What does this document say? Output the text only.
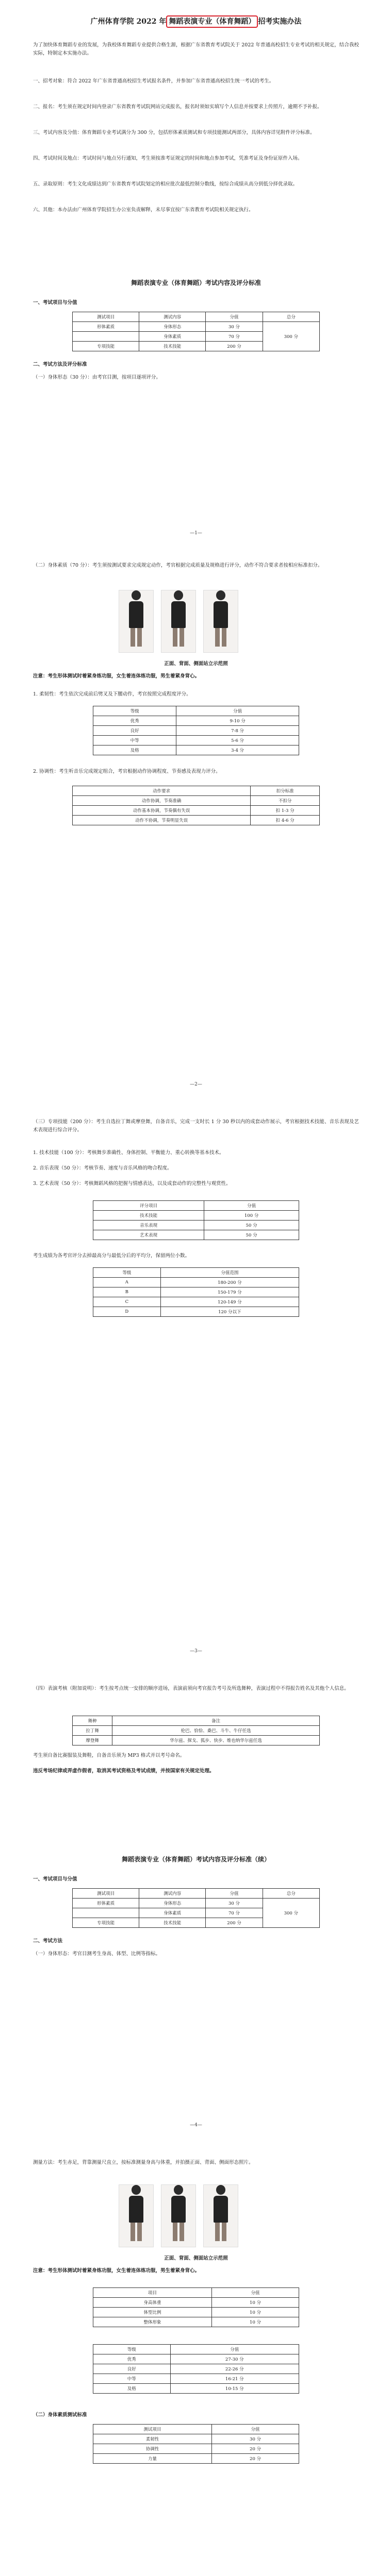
广州体育学院 2022 年 舞蹈表演专业（体育舞蹈） 招考实施办法

为了加快体育舞蹈专业的发展，为我校体育舞蹈专业提供合格生源，根据广东省教育考试院关于 2022 年普通高校招生专业考试的相关规定，结合我校实际，特制定本实施办法。

一、招考对象：符合 2022 年广东省普通高校招生考试报名条件，并参加广东省普通高校招生统一考试的考生。

二、报名：考生须在规定时间内登录广东省教育考试院网站完成报名，报名时须如实填写个人信息并按要求上传照片，逾期不予补报。

三、考试内容及分值：体育舞蹈专业考试满分为 300 分，包括形体素质测试和专项技能测试两部分，具体内容详见附件评分标准。

四、考试时间及地点：考试时间与地点另行通知，考生须按准考证规定的时间和地点参加考试，凭准考证及身份证原件入场。

五、录取原则：考生文化成绩达到广东省教育考试院划定的相应批次最低控制分数线，按综合成绩从高分到低分择优录取。

六、其他：本办法由广州体育学院招生办公室负责解释，未尽事宜按广东省教育考试院相关规定执行。

舞蹈表演专业（体育舞蹈）考试内容及评分标准

一、考试项目与分值

测试项目	测试内容	分值	总分
形体素质	身体形态	30 分	300 分
	身体素质	70 分	
专项技能	技术技能	200 分	

二、考试方法及评分标准

（一）身体形态（30 分）：由考官目测，按项目逐项评分。

—1—

（二）身体素质（70 分）：考生须按测试要求完成规定动作，考官根据完成质量及规格进行评分，动作不符合要求者按相应标准扣分。

正面、背面、侧面站立示范照

注意：考生形体测试时着紧身练功服，女生着连体练功服，男生着紧身背心。

1. 柔韧性：考生依次完成前后劈叉及下腰动作，考官按照完成程度评分。

等级	分值
优秀	9-10 分
良好	7-8 分
中等	5-6 分
及格	3-4 分

2. 协调性：考生听音乐完成规定组合，考官根据动作协调程度、节奏感及表现力评分。

动作要求	扣分标准
动作协调，节奏准确	不扣分
动作基本协调，节奏偶有失误	扣 1-3 分
动作不协调，节奏明显失误	扣 4-6 分
—2—

（三）专项技能（200 分）：考生自选拉丁舞或摩登舞，自备音乐，完成一支时长 1 分 30 秒以内的成套动作展示，考官根据技术技能、音乐表现及艺术表现进行综合评分。

1. 技术技能（100 分）：考核舞步准确性、身体控制、平衡能力、重心转换等基本技术。

2. 音乐表现（50 分）：考核节奏、速度与音乐风格的吻合程度。

3. 艺术表现（50 分）：考核舞蹈风格的把握与情感表达，以及成套动作的完整性与观赏性。

评分项目	分值
技术技能	100 分
音乐表现	50 分
艺术表现	50 分

考生成绩为各考官评分去掉最高分与最低分后的平均分，保留两位小数。

等级	分值范围
A	180-200 分
B	150-179 分
C	120-149 分
D	120 分以下
—3—

（四）表演考核（附加说明）：考生按考点统一安排的顺序进场，表演前须向考官报告考号及所选舞种，表演过程中不得报告姓名及其他个人信息。

舞种	备注
拉丁舞	伦巴、恰恰、桑巴、斗牛、牛仔任选
摩登舞	华尔兹、探戈、狐步、快步、维也纳华尔兹任选

考生须自备比赛服装及舞鞋，自备音乐须为 MP3 格式并以考号命名。

违反考场纪律或弄虚作假者，取消其考试资格及考试成绩，并按国家有关规定处理。

舞蹈表演专业（体育舞蹈）考试内容及评分标准（续）

一、考试项目与分值

测试项目	测试内容	分值	总分
形体素质	身体形态	30 分	300 分
	身体素质	70 分	
专项技能	技术技能	200 分	

二、考试方法

（一）身体形态：考官目测考生身高、体型、比例等指标。

—4—

测量方法：考生赤足，背靠测量尺直立，按标准测量身高与体重，并拍摄正面、背面、侧面形态照片。

正面、背面、侧面站立示范照

注意：考生形体测试时着紧身练功服，女生着连体练功服，男生着紧身背心。

项目	分值
身高体重	10 分
体型比例	10 分
整体形象	10 分
等级	分值
优秀	27-30 分
良好	22-26 分
中等	16-21 分
及格	10-15 分

（二）身体素质测试标准

测试项目	分值
柔韧性	30 分
协调性	20 分
力量	20 分
